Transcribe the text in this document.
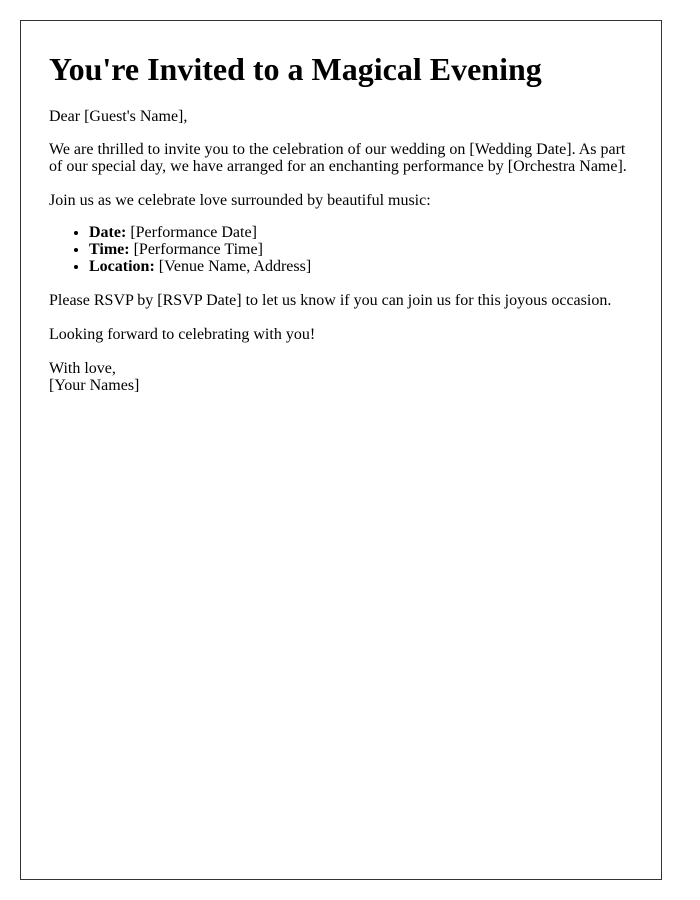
You're Invited to a Magical Evening

Dear [Guest's Name],

We are thrilled to invite you to the celebration of our wedding on [Wedding Date]. As part of our special day, we have arranged for an enchanting performance by [Orchestra Name].

Join us as we celebrate love surrounded by beautiful music:

• Date: [Performance Date]
• Time: [Performance Time]
• Location: [Venue Name, Address]

Please RSVP by [RSVP Date] to let us know if you can join us for this joyous occasion.

Looking forward to celebrating with you!

With love,
[Your Names]
